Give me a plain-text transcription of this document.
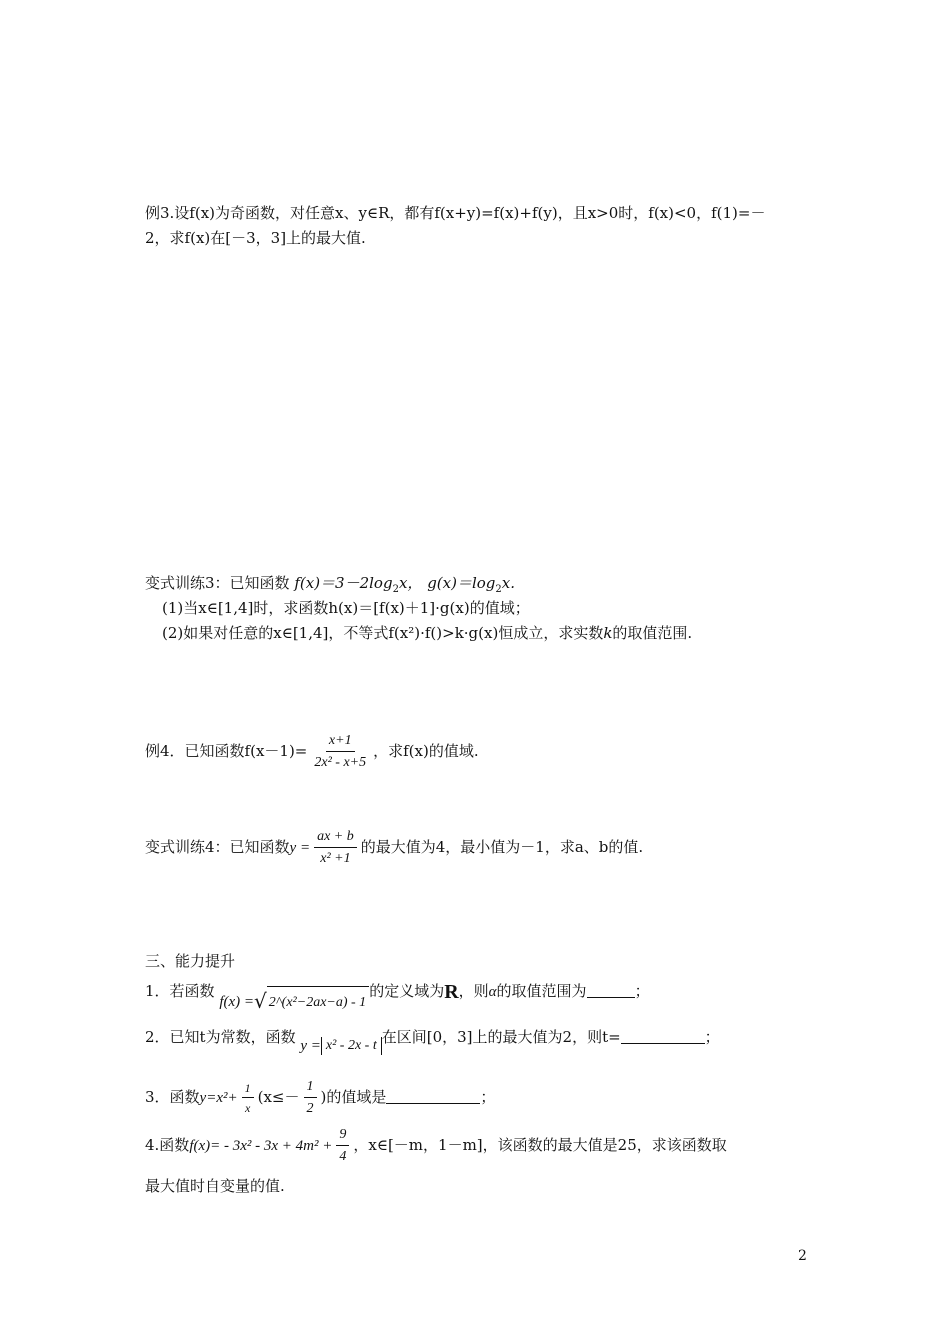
例3.设f(x)为奇函数，对任意x、y∈R，都有f(x+y)=f(x)+f(y)，且x>0时，f(x)<0，f(1)=－
2，求f(x)在[－3，3]上的最大值.
变式训练3：已知函数 $f(x)=3-2\log_2x$， $g(x)=\log_2x$.
(1)当x∈[1,4]时，求函数h(x)＝[f(x)＋1]·g(x)的值域；
(2)如果对任意的x∈[1,4]，不等式f(x²)·f()>k·g(x)恒成立，求实数k的取值范围.
例4．已知函数$f(x-1)= \frac{x+1}{\text{2x² - x+5}}$ ，求f(x)的值域.
变式训练4：已知函数$y = \frac{ax + b}{\text{x² +1}}$ 的最大值为4，最小值为－1，求a、b的值.
三、能力提升
1．若函数 f(x) =√ 2^(x²−2ax−a) - 1的定义域为R，则α的取值范围为	；
2．已知t为常数，函数 y = x² - 2x - t 在区间[0，3]上的最大值为2，则t=	；
3．函数$y=x^2+ \frac{1}{x} (x\le- \frac{1}{2}$ )的值域是	；
4.函数$f(x)= - 3x^2 - 3x + 4m^2 + \frac{9}{4}$ ，x∈[－m，1－m]，该函数的最大值是25，求该函数取
最大值时自变量的值.
2
